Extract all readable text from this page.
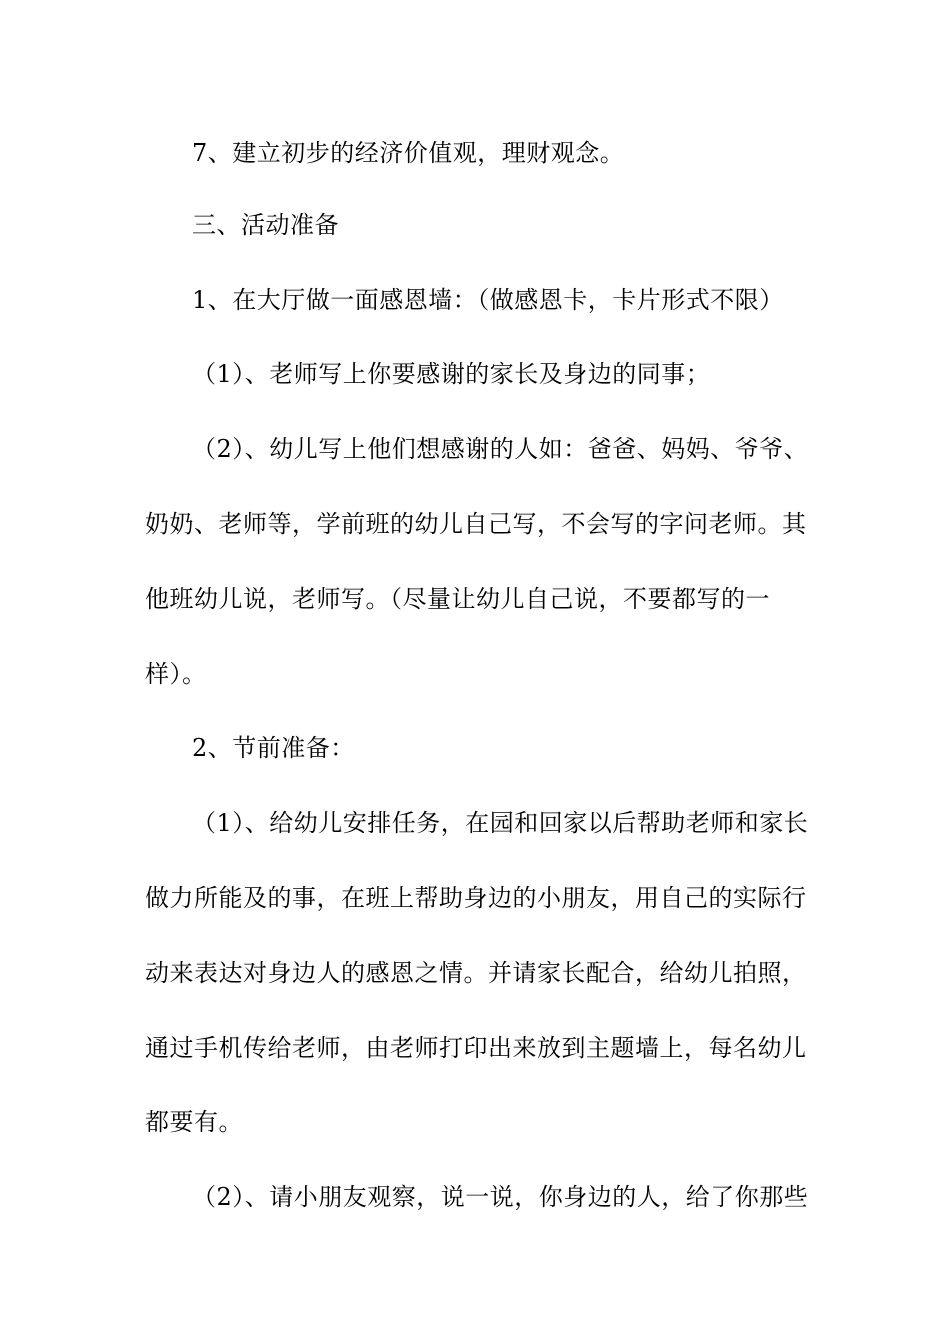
7、建立初步的经济价值观，理财观念。
三、活动准备
1、在大厅做一面感恩墙：（做感恩卡，卡片形式不限）
（1）、老师写上你要感谢的家长及身边的同事；
（2）、幼儿写上他们想感谢的人如：爸爸、妈妈、爷爷、
奶奶、老师等，学前班的幼儿自己写，不会写的字问老师。其
他班幼儿说，老师写。（尽量让幼儿自己说，不要都写的一
样）。
2、节前准备：
（1）、给幼儿安排任务，在园和回家以后帮助老师和家长
做力所能及的事，在班上帮助身边的小朋友，用自己的实际行
动来表达对身边人的感恩之情。并请家长配合，给幼儿拍照，
通过手机传给老师，由老师打印出来放到主题墙上，每名幼儿
都要有。
（2）、请小朋友观察，说一说，你身边的人，给了你那些
